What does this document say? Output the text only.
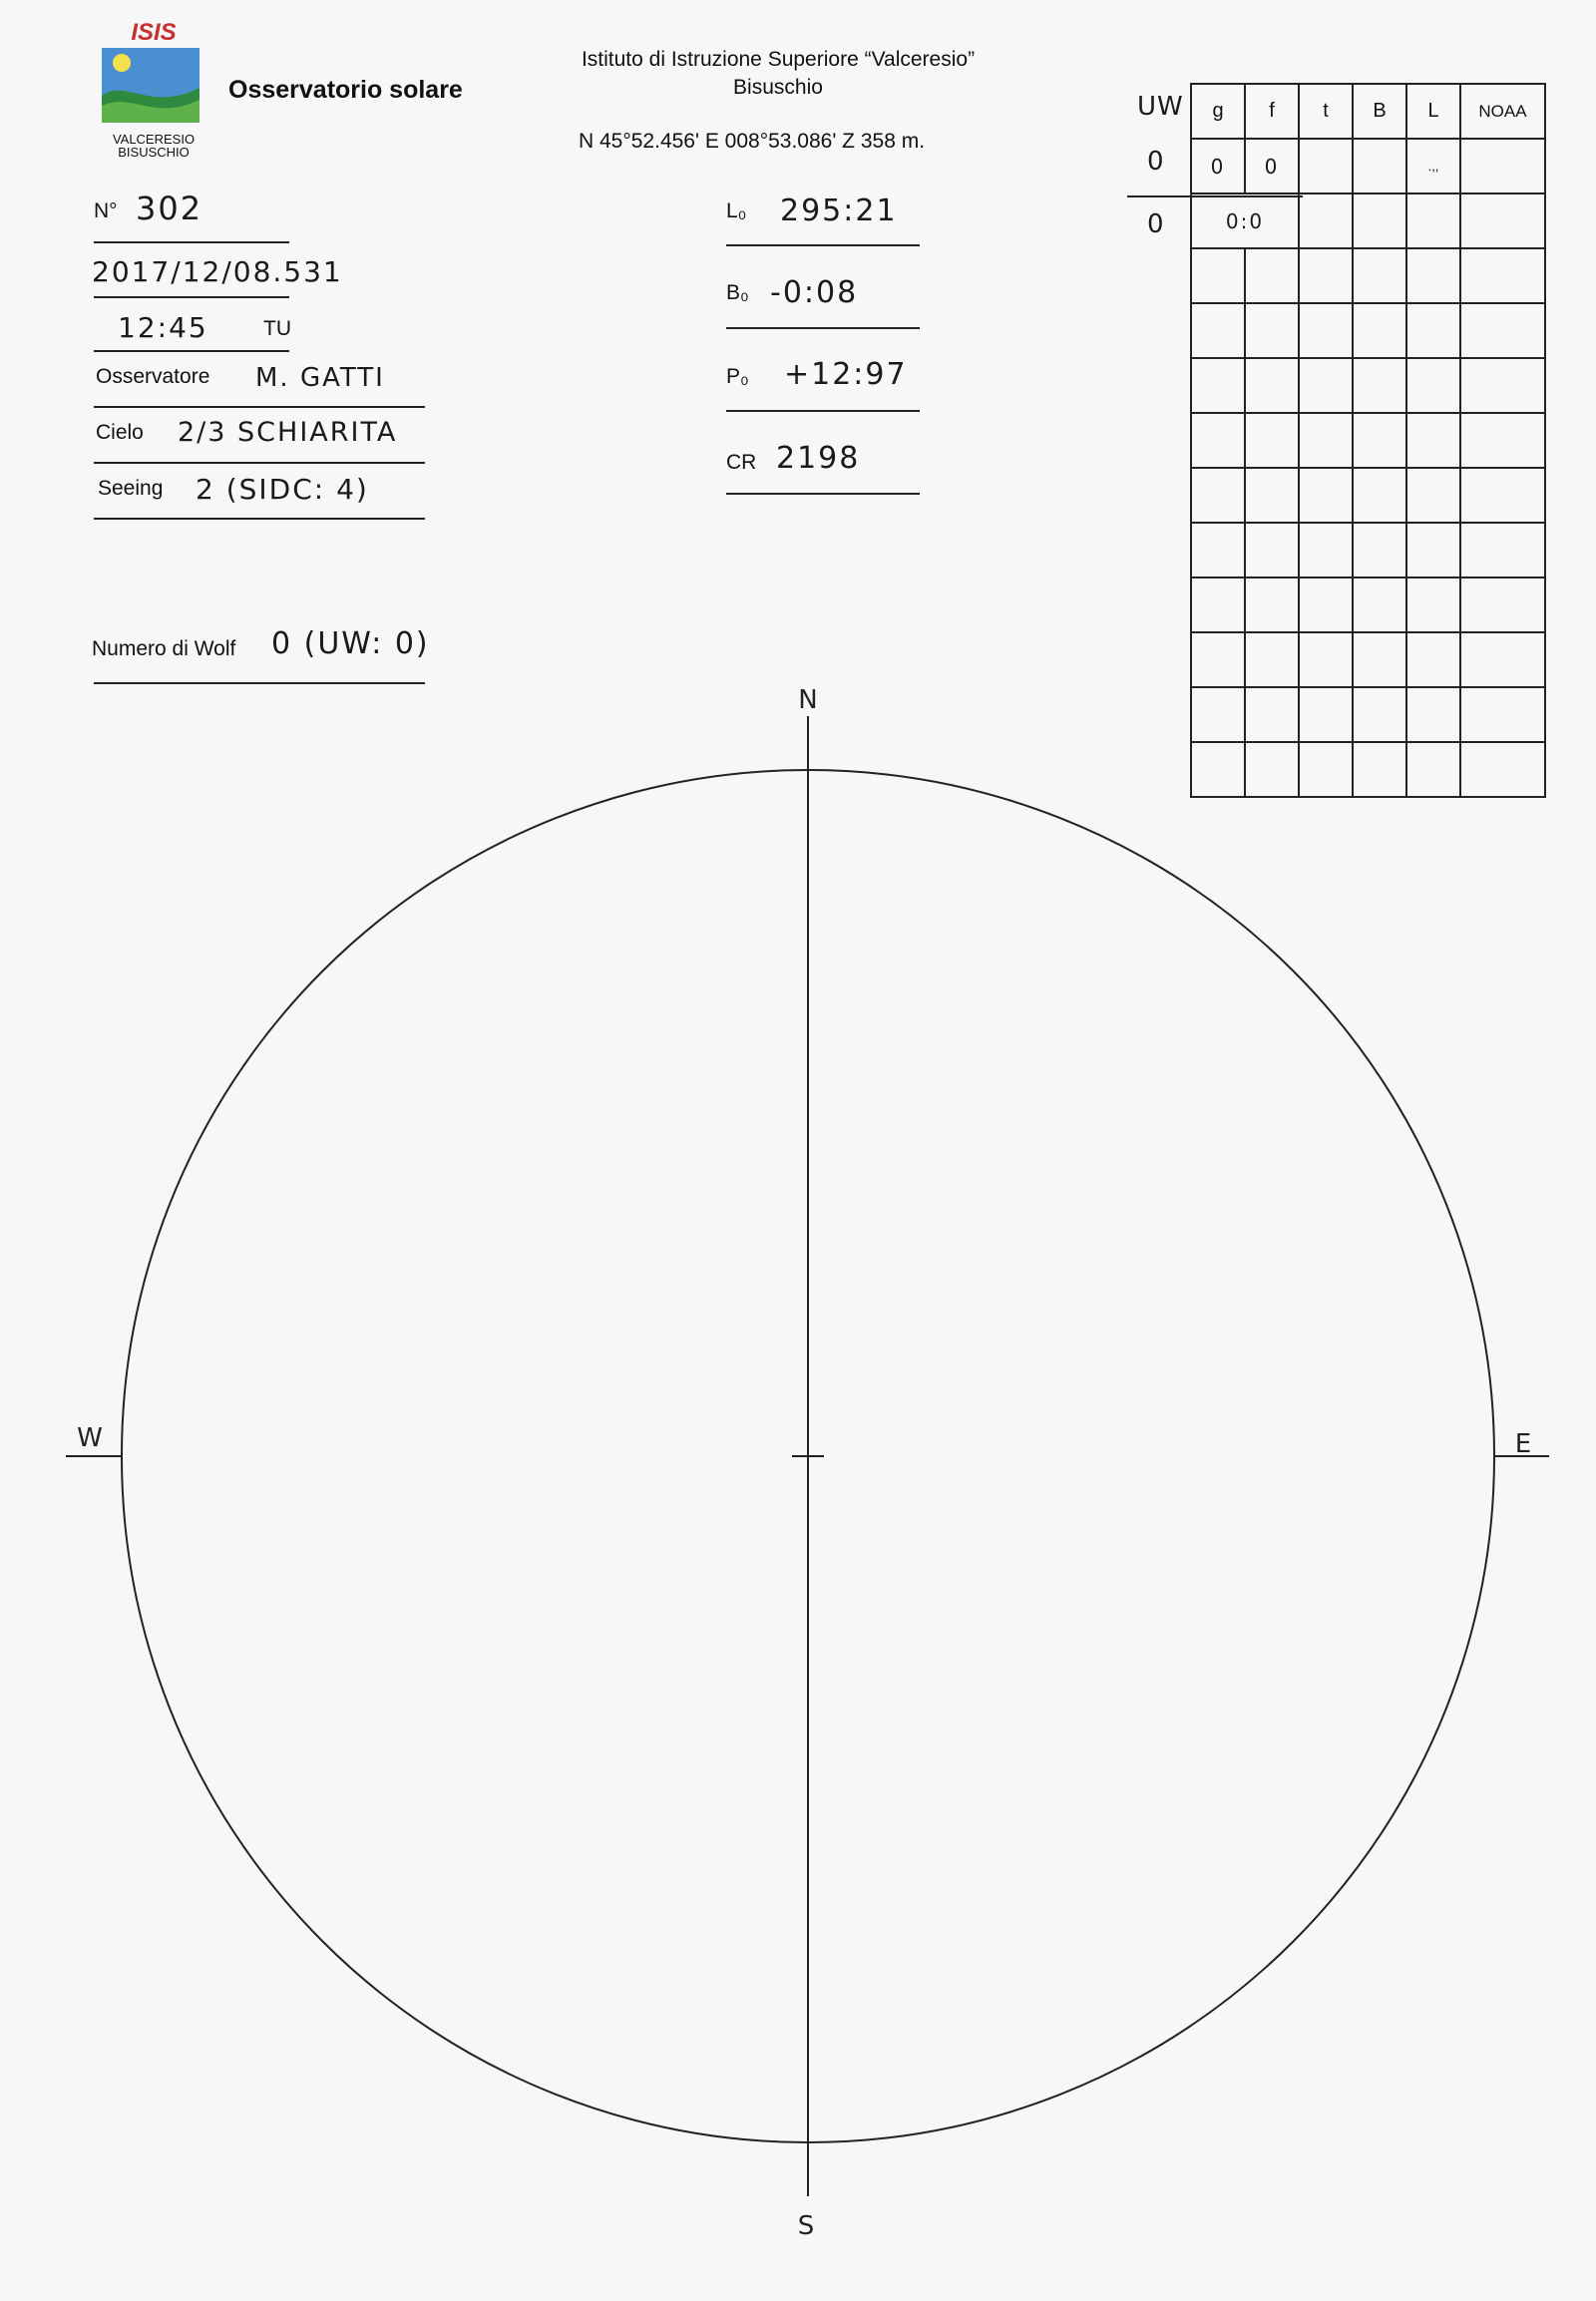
ISIS
VALCERESIO
BISUSCHIO
Osservatorio solare
Istituto di Istruzione Superiore “Valceresio”
Bisuschio
N 45°52.456' E 008°53.086' Z 358 m.
N° 302
2017/12/08.531
12:45	TU
Osservatore M. GATTI
Cielo 2/3 SCHIARITA
Seeing 2 (SIDC: 4)
Numero di Wolf 0 (UW: 0)
L₀ 295:21
B₀ -0:08
P₀ +12:97
CR 2198
UW
0
0
g	f	t	B	L	NOAA
0	0			.,,	
0:0					

N
S
W	E
